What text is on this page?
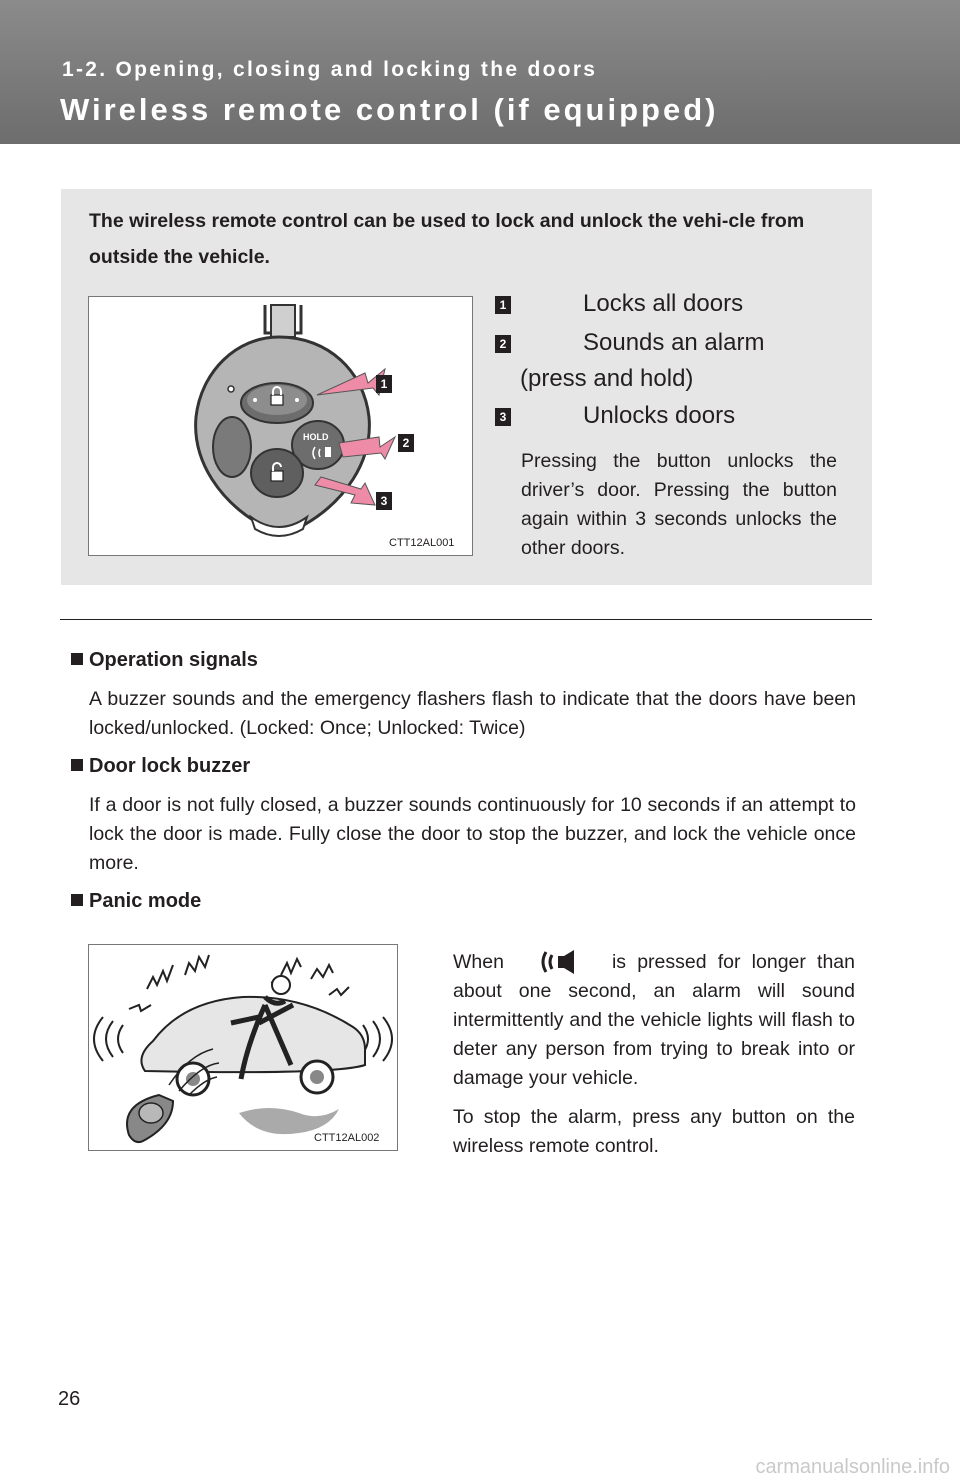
1-2. Opening, closing and locking the doors
Wireless remote control (if equipped)
The wireless remote control can be used to lock and unlock the vehi-cle from outside the vehicle.
HOLD
1
2
3
CTT12AL001
1	Locks all doors
2	Sounds an alarm
(press and hold)
3	Unlocks doors
Pressing the button unlocks the driver’s door. Pressing the button again within 3 seconds unlocks the other doors.
Operation signals
A buzzer sounds and the emergency flashers flash to indicate that the doors have been locked/unlocked. (Locked: Once; Unlocked: Twice)
Door lock buzzer
If a door is not fully closed, a buzzer sounds continuously for 10 seconds if an attempt to lock the door is made. Fully close the door to stop the buzzer, and lock the vehicle once more.
Panic mode
CTT12AL002

When	is pressed for longer than about one second, an alarm will sound intermittently and the vehicle lights will flash to deter any person from trying to break into or damage your vehicle.

To stop the alarm, press any button on the wireless remote control.

26
carmanualsonline.info
